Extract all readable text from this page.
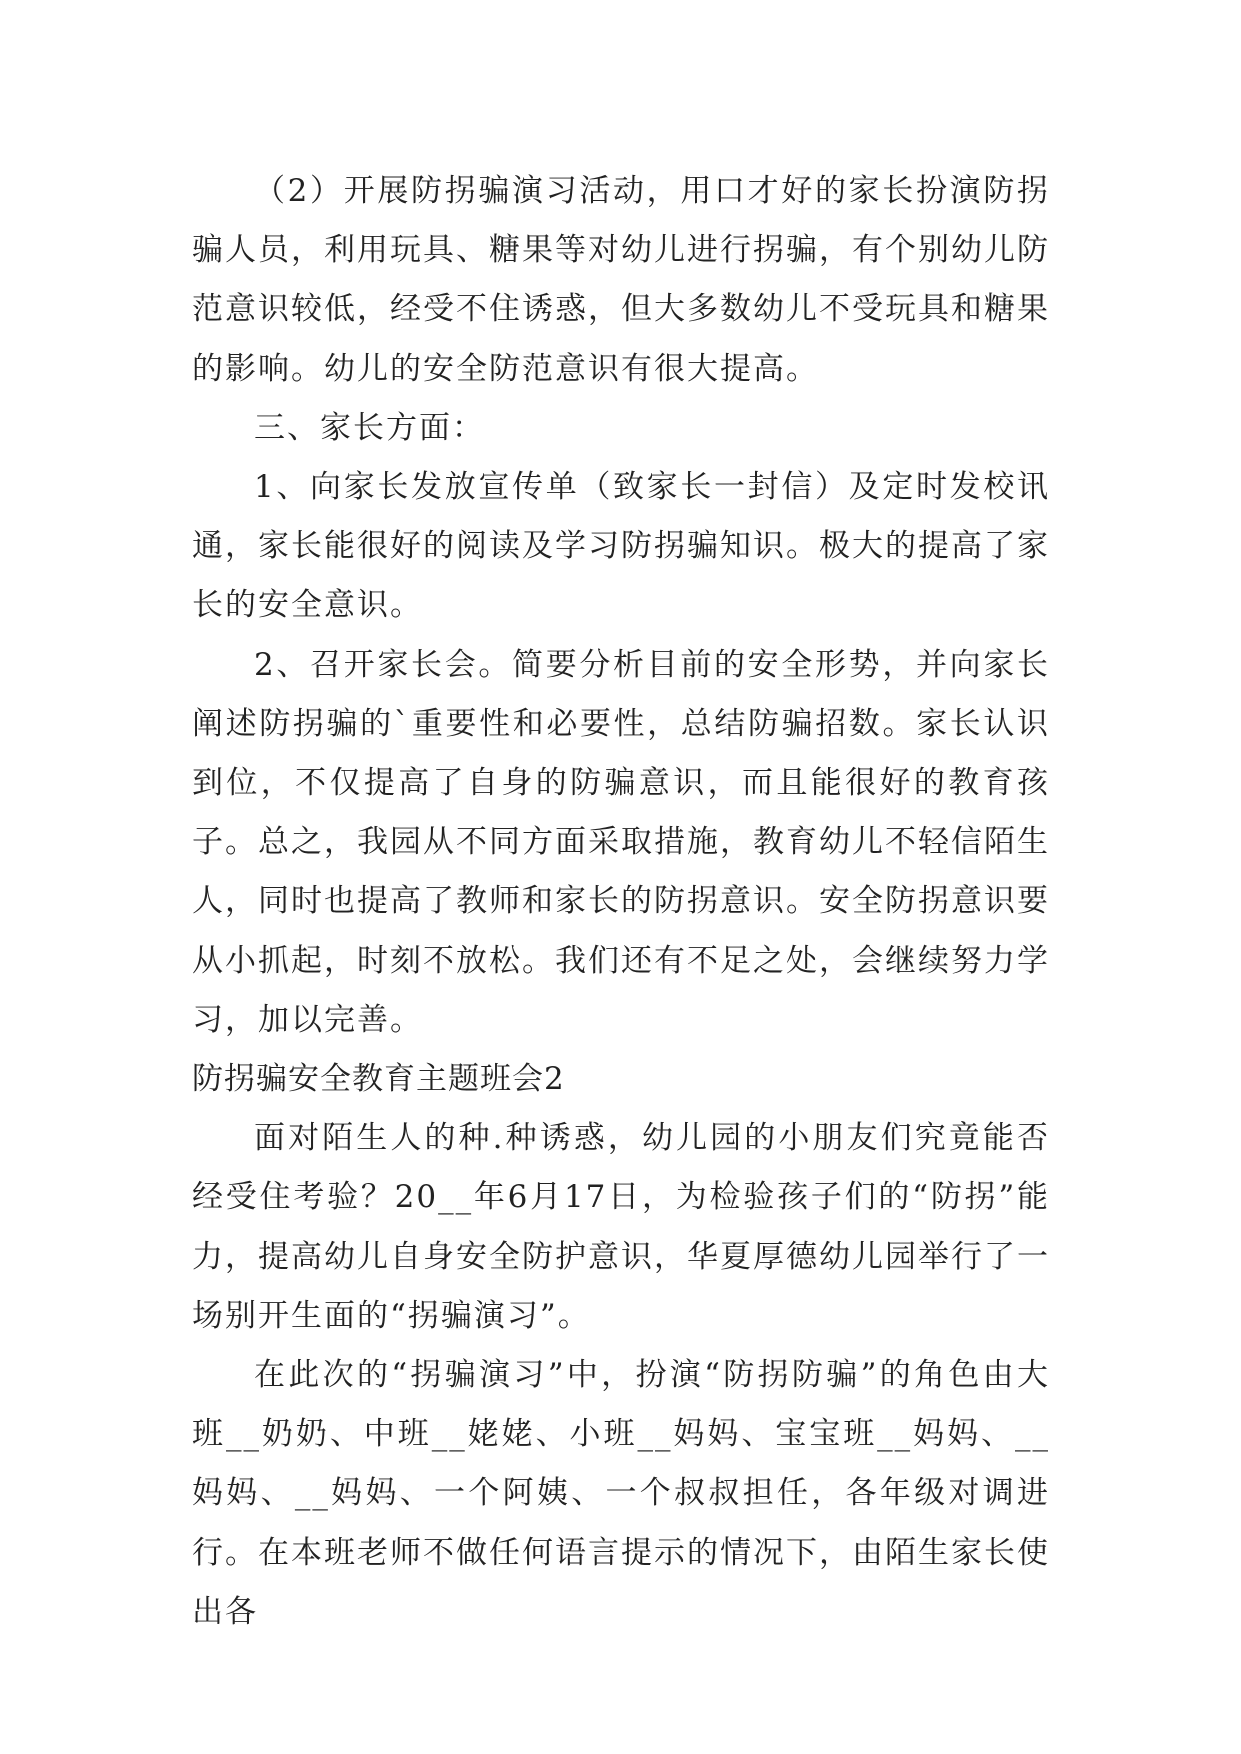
（2）开展防拐骗演习活动，用口才好的家长扮演防拐骗人员，利用玩具、糖果等对幼儿进行拐骗，有个别幼儿防范意识较低，经受不住诱惑，但大多数幼儿不受玩具和糖果的影响。幼儿的安全防范意识有很大提高。

三、家长方面：

1、向家长发放宣传单（致家长一封信）及定时发校讯通，家长能很好的阅读及学习防拐骗知识。极大的提高了家长的安全意识。

2、召开家长会。简要分析目前的安全形势，并向家长阐述防拐骗的`重要性和必要性，总结防骗招数。家长认识到位，不仅提高了自身的防骗意识，而且能很好的教育孩子。总之，我园从不同方面采取措施，教育幼儿不轻信陌生人，同时也提高了教师和家长的防拐意识。安全防拐意识要从小抓起，时刻不放松。我们还有不足之处，会继续努力学习，加以完善。

防拐骗安全教育主题班会2

面对陌生人的种.种诱惑，幼儿园的小朋友们究竟能否经受住考验？20__年6月17日，为检验孩子们的“防拐”能力，提高幼儿自身安全防护意识，华夏厚德幼儿园举行了一场别开生面的“拐骗演习”。

在此次的“拐骗演习”中，扮演“防拐防骗”的角色由大班__奶奶、中班__姥姥、小班__妈妈、宝宝班__妈妈、__妈妈、__妈妈、一个阿姨、一个叔叔担任，各年级对调进行。在本班老师不做任何语言提示的情况下，由陌生家长使出各
